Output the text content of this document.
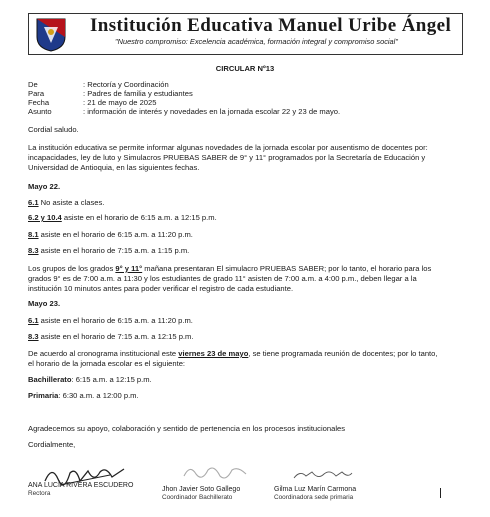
Institución Educativa Manuel Uribe Ángel
"Nuestro compromiso: Excelencia académica, formación integral y compromiso social"
CIRCULAR Nº13
De	: Rectoría y Coordinación
Para	: Padres de familia y estudiantes
Fecha	: 21 de mayo de 2025
Asunto	: información de interés y novedades en la jornada escolar 22 y 23 de mayo.
Cordial saludo.
La institución educativa se permite informar algunas novedades de la jornada escolar por ausentismo de docentes por:
incapacidades, ley de luto y Simulacros PRUEBAS SABER de 9° y 11° programados por la Secretaría de Educación y
Universidad de Antioquia, en las siguientes fechas.
Mayo 22.
6.1 No asiste a clases.
6.2 y 10.4 asiste en el horario de 6:15 a.m. a 12:15 p.m.
8.1 asiste en el horario de 6:15 a.m. a 11:20 p.m.
8.3 asiste en el horario de 7:15 a.m. a 1:15 p.m.
Los grupos de los grados 9° y 11° mañana presentaran El simulacro PRUEBAS SABER; por lo tanto, el horario para los
grados 9° es de 7:00 a.m. a 11:30 y los estudiantes de grado 11° asisten de 7:00 a.m. a 4:00 p.m., deben llegar a la
institución 10 minutos antes para poder verificar el registro de cada estudiante.
Mayo 23.
6.1 asiste en el horario de 6:15 a.m. a 11:20 p.m.
8.3 asiste en el horario de 7:15 a.m. a 12:15 p.m.
De acuerdo al cronograma institucional este viernes 23 de mayo, se tiene programada reunión de docentes; por lo tanto,
el horario de la jornada escolar es el siguiente:
Bachillerato: 6:15 a.m. a 12:15 p.m.
Primaria: 6:30 a.m. a 12:00 p.m.
Agradecemos su apoyo, colaboración y sentido de pertenencia en los procesos institucionales
Cordialmente,
ANA LUCÍA RIVERA ESCUDERO
Rectora
Jhon Javier Soto Gallego
Coordinador Bachillerato
Gilma Luz Marín Carmona
Coordinadora sede primaria
